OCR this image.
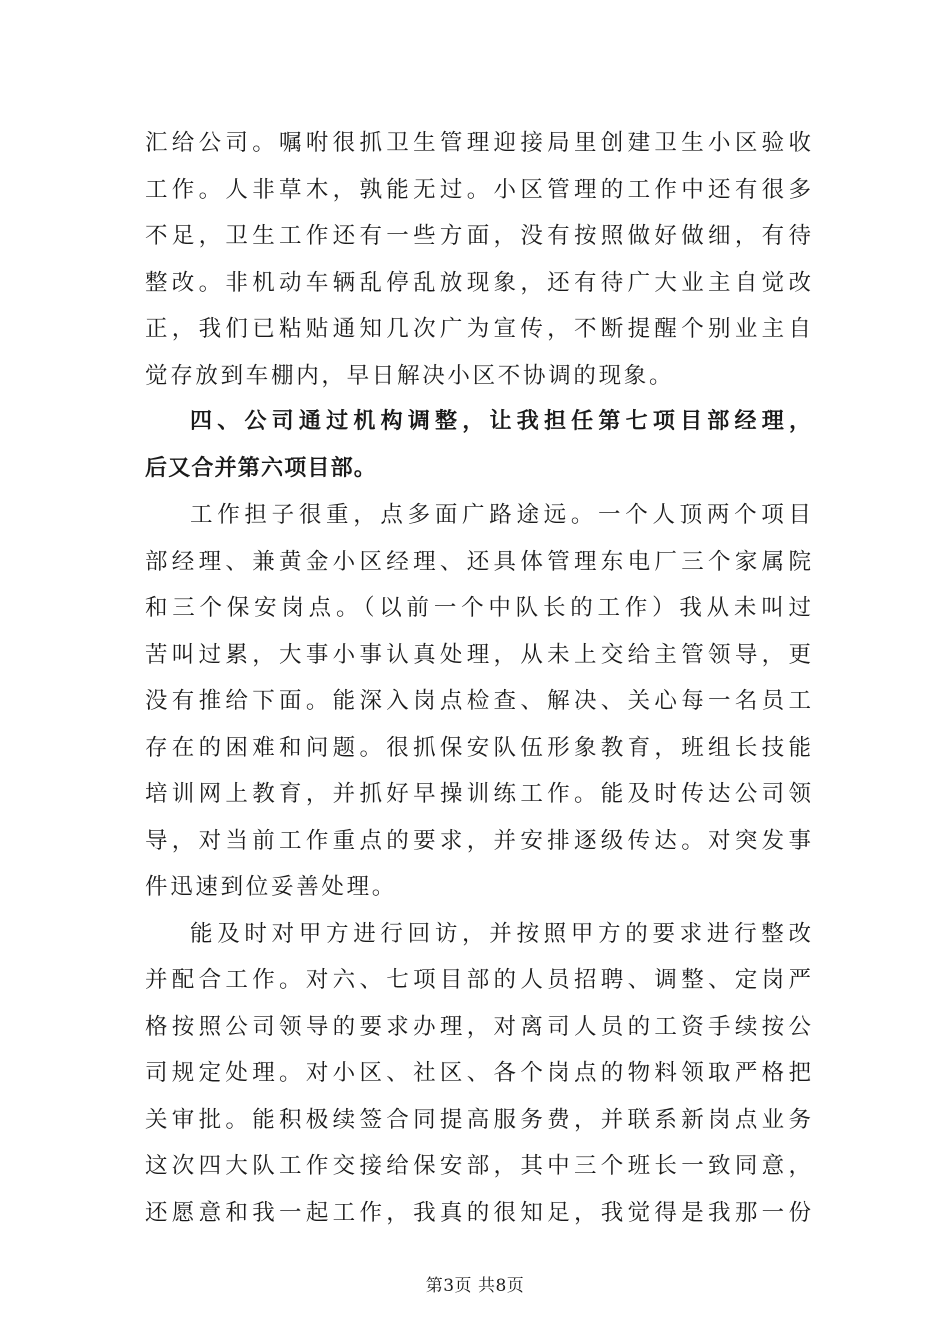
汇给公司。嘱咐很抓卫生管理迎接局里创建卫生小区验收
工作。人非草木，孰能无过。小区管理的工作中还有很多
不足，卫生工作还有一些方面，没有按照做好做细，有待
整改。非机动车辆乱停乱放现象，还有待广大业主自觉改
正，我们已粘贴通知几次广为宣传，不断提醒个别业主自
觉存放到车棚内，早日解决小区不协调的现象。
四、公司通过机构调整，让我担任第七项目部经理，
后又合并第六项目部。
工作担子很重，点多面广路途远。一个人顶两个项目
部经理、兼黄金小区经理、还具体管理东电厂三个家属院
和三个保安岗点。（以前一个中队长的工作）我从未叫过
苦叫过累，大事小事认真处理，从未上交给主管领导，更
没有推给下面。能深入岗点检查、解决、关心每一名员工
存在的困难和问题。很抓保安队伍形象教育，班组长技能
培训网上教育，并抓好早操训练工作。能及时传达公司领
导，对当前工作重点的要求，并安排逐级传达。对突发事
件迅速到位妥善处理。
能及时对甲方进行回访，并按照甲方的要求进行整改
并配合工作。对六、七项目部的人员招聘、调整、定岗严
格按照公司领导的要求办理，对离司人员的工资手续按公
司规定处理。对小区、社区、各个岗点的物料领取严格把
关审批。能积极续签合同提高服务费，并联系新岗点业务
这次四大队工作交接给保安部，其中三个班长一致同意，
还愿意和我一起工作，我真的很知足，我觉得是我那一份
第3页 共8页
